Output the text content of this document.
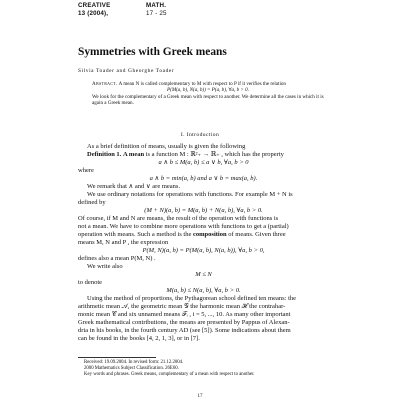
CREATIVE
13 (2004),
MATH.
17 - 25
Symmetries with Greek means
Silvia Toader and Gheorghe Toader
Abstract. A mean N is called complementary to M with respect to P if it verifies the relation
P(M(a, b), N(a, b)) = P(a, b), ∀a, b > 0.
We look for the complementary of a Greek mean with respect to another. We determine all the cases in which it is again a Greek mean.
I. Introduction
As a brief definition of means, usually is given the following
Definition 1. A mean is a function M : ℝ²₊ → ℝ₊ , which has the property
a ∧ b ≤ M(a, b) ≤ a ∨ b, ∀a, b > 0
where
a ∧ b = min(a, b) and a ∨ b = max(a, b).
We remark that ∧ and ∨ are means.
We use ordinary notations for operations with functions. For example M + N is
defined by
(M + N)(a, b) = M(a, b) + N(a, b), ∀a, b > 0.
Of course, if M and N are means, the result of the operation with functions is
not a mean. We have to combine more operations with functions to get a (partial)
operation with means. Such a method is the composition of means. Given three
means M, N and P , the expression
P(M, N)(a, b) = P(M(a, b), N(a, b)), ∀a, b > 0,
defines also a mean P(M, N) .
We write also
M ≤ N
to denote
M(a, b) ≤ N(a, b), ∀a, b > 0.
Using the method of proportions, the Pythagorean school defined ten means: the
arithmetic mean 𝒜, the geometric mean 𝒢 the harmonic mean ℋ the contrahar-
monic mean 𝒞 and six unnamed means ℱᵢ , i = 5, ..., 10. As many other important
Greek mathematical contributions, the means are presented by Pappus of Alexan-
dria in his books, in the fourth century AD (see [5]). Some indications about them
can be found in the books [4, 2, 1, 3], or in [7].
Received: 19.09.2004. In revised form: 21.12.2004.
2000 Mathematics Subject Classification. 26E60.
Key words and phrases. Greek means, complementary of a mean with respect to another.
17
